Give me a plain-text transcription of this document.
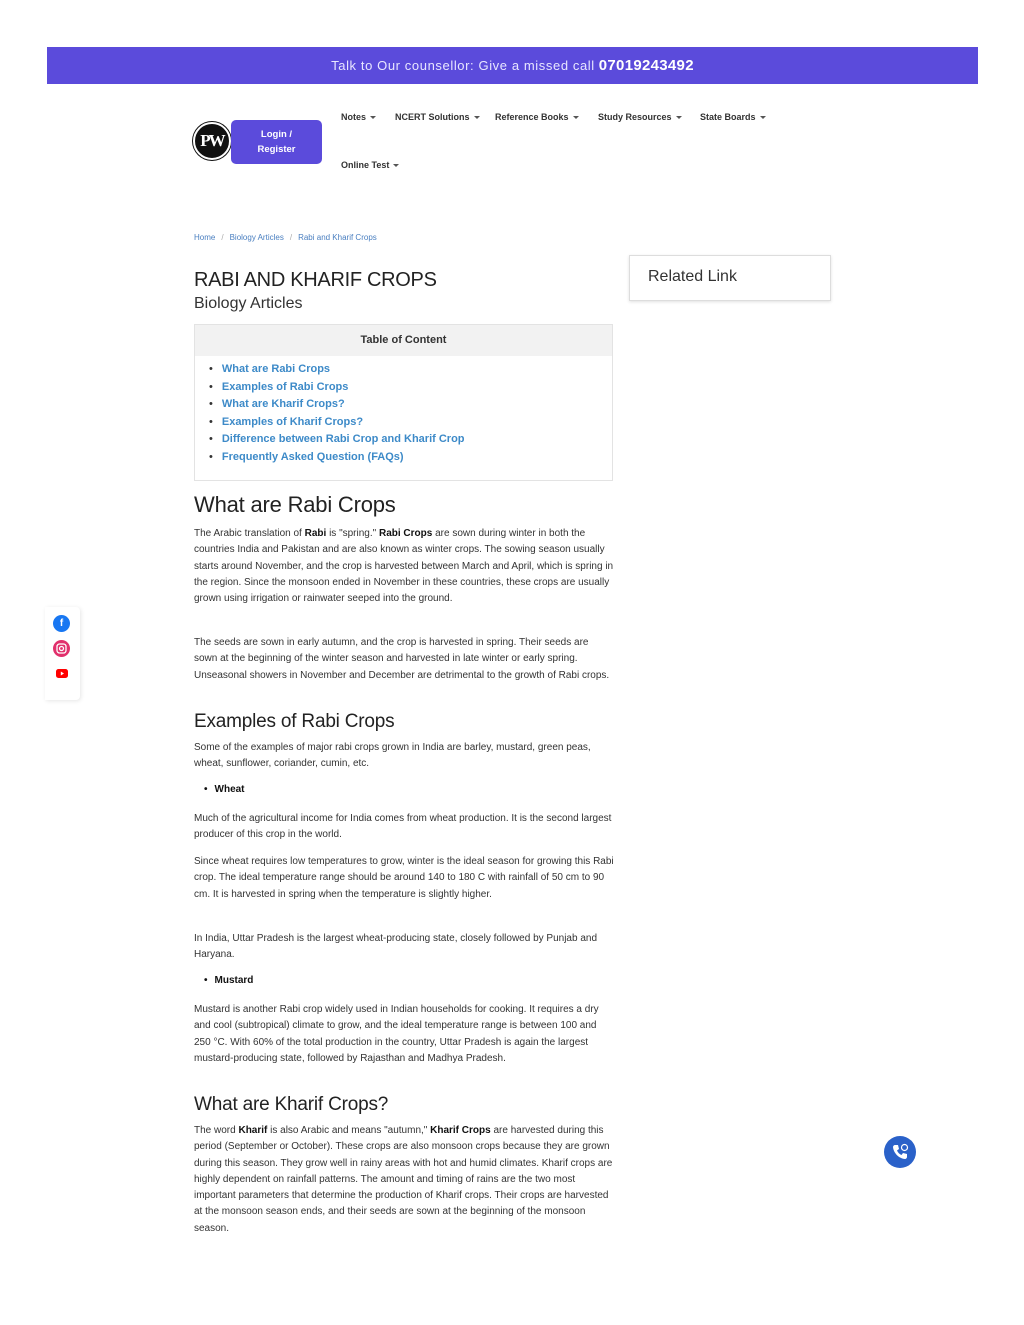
Talk to Our counsellor: Give a missed call 07019243492
PW	Login /
Register
Notes	NCERT Solutions	Reference Books	Study Resources	State Boards
Online Test
Home / Biology Articles / Rabi and Kharif Crops
RABI AND KHARIF CROPS
Biology Articles
Related Link
Table of Content
• What are Rabi Crops
• Examples of Rabi Crops
• What are Kharif Crops?
• Examples of Kharif Crops?
• Difference between Rabi Crop and Kharif Crop
• Frequently Asked Question (FAQs)
What are Rabi Crops

The Arabic translation of Rabi is "spring." Rabi Crops are sown during winter in both the countries India and Pakistan and are also known as winter crops. The sowing season usually starts around November, and the crop is harvested between March and April, which is spring in the region. Since the monsoon ended in November in these countries, these crops are usually grown using irrigation or rainwater seeped into the ground.

The seeds are sown in early autumn, and the crop is harvested in spring. Their seeds are sown at the beginning of the winter season and harvested in late winter or early spring. Unseasonal showers in November and December are detrimental to the growth of Rabi crops.

Examples of Rabi Crops

Some of the examples of major rabi crops grown in India are barley, mustard, green peas, wheat, sunflower, coriander, cumin, etc.

• Wheat

Much of the agricultural income for India comes from wheat production. It is the second largest producer of this crop in the world.

Since wheat requires low temperatures to grow, winter is the ideal season for growing this Rabi crop. The ideal temperature range should be around 140 to 180 C with rainfall of 50 cm to 90 cm. It is harvested in spring when the temperature is slightly higher.

In India, Uttar Pradesh is the largest wheat-producing state, closely followed by Punjab and Haryana.

• Mustard

Mustard is another Rabi crop widely used in Indian households for cooking. It requires a dry and cool (subtropical) climate to grow, and the ideal temperature range is between 100 and 250 °C. With 60% of the total production in the country, Uttar Pradesh is again the largest mustard-producing state, followed by Rajasthan and Madhya Pradesh.

What are Kharif Crops?

The word Kharif is also Arabic and means "autumn," Kharif Crops are harvested during this period (September or October). These crops are also monsoon crops because they are grown during this season. They grow well in rainy areas with hot and humid climates. Kharif crops are highly dependent on rainfall patterns. The amount and timing of rains are the two most important parameters that determine the production of Kharif crops. Their crops are harvested at the monsoon season ends, and their seeds are sown at the beginning of the monsoon season.

f
